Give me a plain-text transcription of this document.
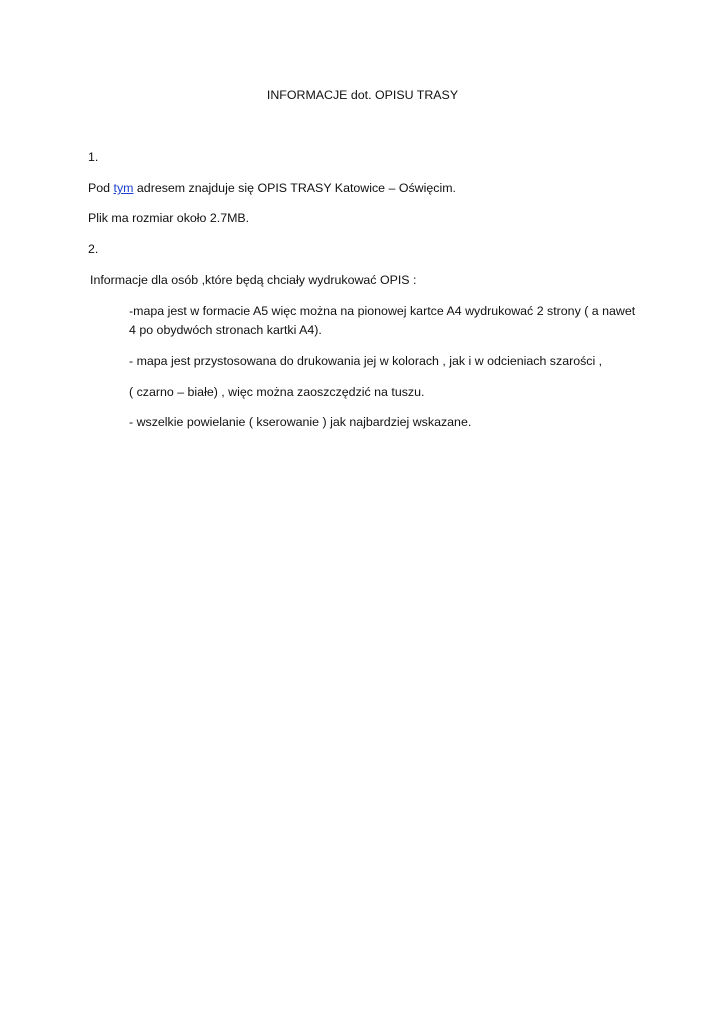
INFORMACJE dot. OPISU TRASY
1.
Pod tym adresem znajduje się OPIS TRASY Katowice – Oświęcim.
Plik ma rozmiar około 2.7MB.
2.
Informacje dla osób ,które będą chciały wydrukować OPIS :
-mapa jest w formacie A5 więc można na pionowej kartce A4 wydrukować 2 strony ( a nawet
4 po obydwóch stronach kartki A4).
- mapa jest przystosowana do drukowania jej w kolorach , jak i w odcieniach szarości ,
( czarno – białe) , więc można zaoszczędzić na tuszu.
- wszelkie powielanie ( kserowanie ) jak najbardziej wskazane.
